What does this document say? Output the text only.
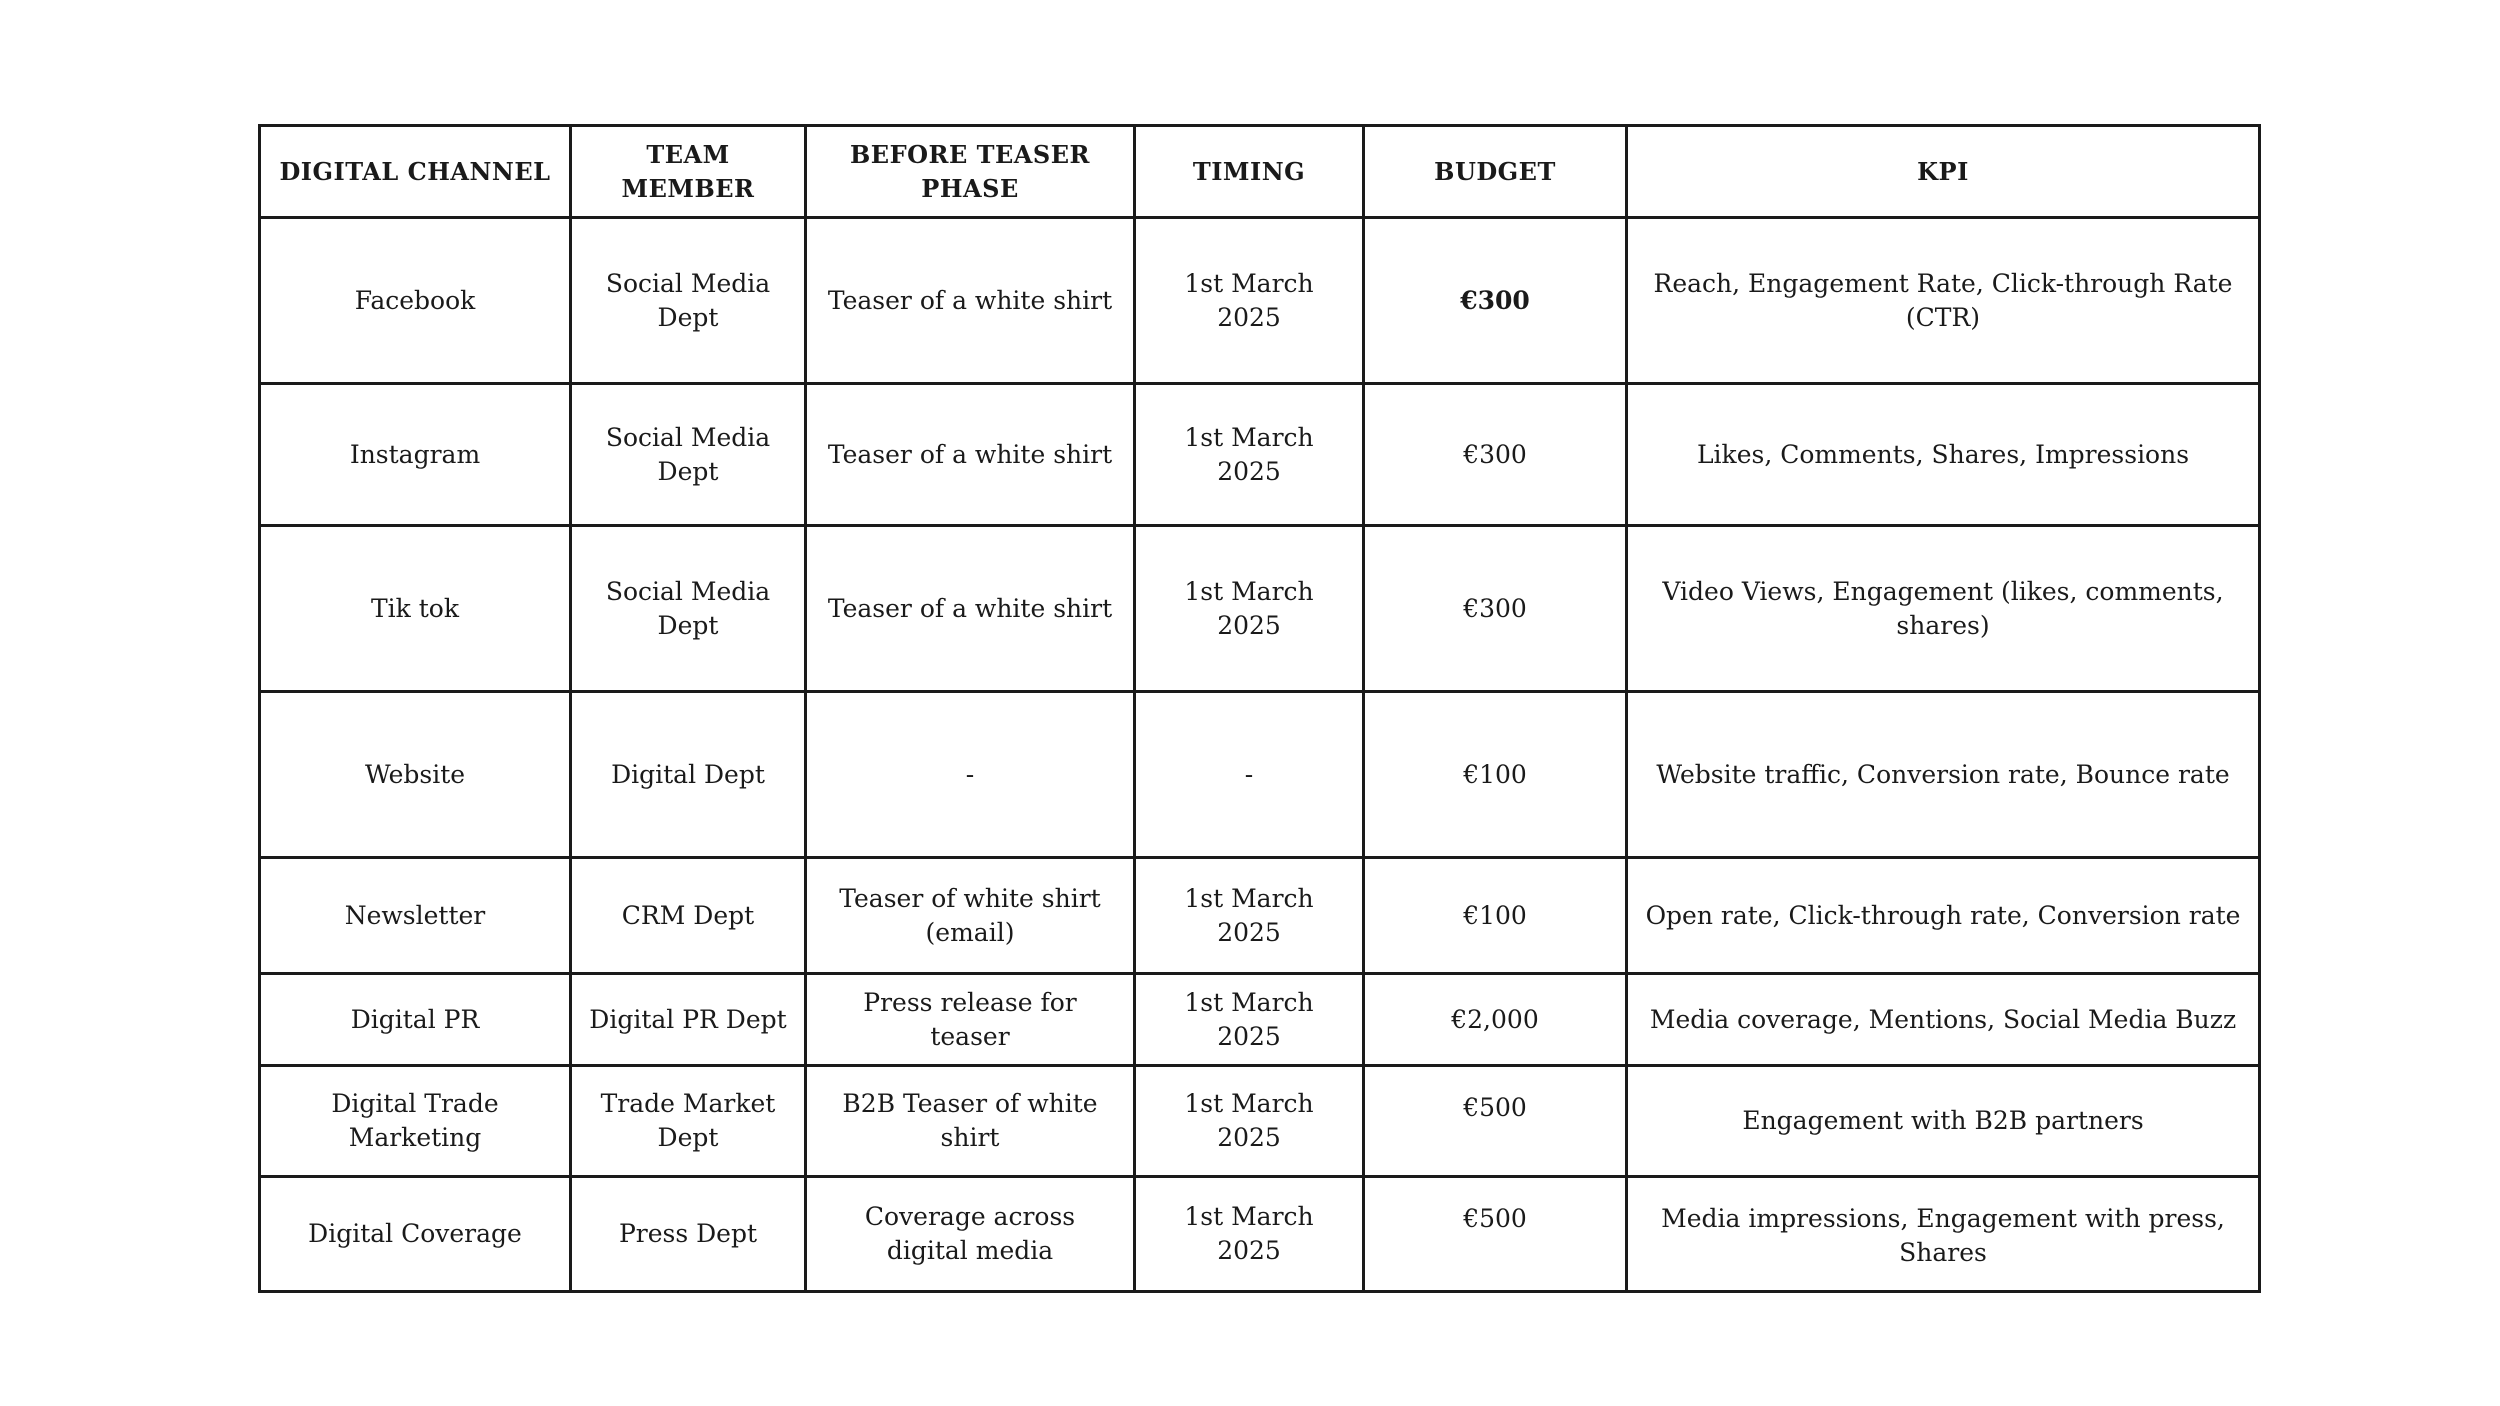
DIGITAL CHANNEL	TEAM MEMBER	BEFORE TEASER PHASE	TIMING	BUDGET	KPI
Facebook	Social Media Dept	Teaser of a white shirt	1st March 2025	€300	Reach, Engagement Rate, Click-through Rate (CTR)
Instagram	Social Media Dept	Teaser of a white shirt	1st March 2025	€300	Likes, Comments, Shares, Impressions
Tik tok	Social Media Dept	Teaser of a white shirt	1st March 2025	€300	Video Views, Engagement (likes, comments, shares)
Website	Digital Dept	-	-	€100	Website traffic, Conversion rate, Bounce rate
Newsletter	CRM Dept	Teaser of white shirt (email)	1st March 2025	€100	Open rate, Click-through rate, Conversion rate
Digital PR	Digital PR Dept	Press release for teaser	1st March 2025	€2,000	Media coverage, Mentions, Social Media Buzz
Digital Trade Marketing	Trade Market Dept	B2B Teaser of white shirt	1st March 2025	€500	Engagement with B2B partners
Digital Coverage	Press Dept	Coverage across digital media	1st March 2025	€500	Media impressions, Engagement with press, Shares
